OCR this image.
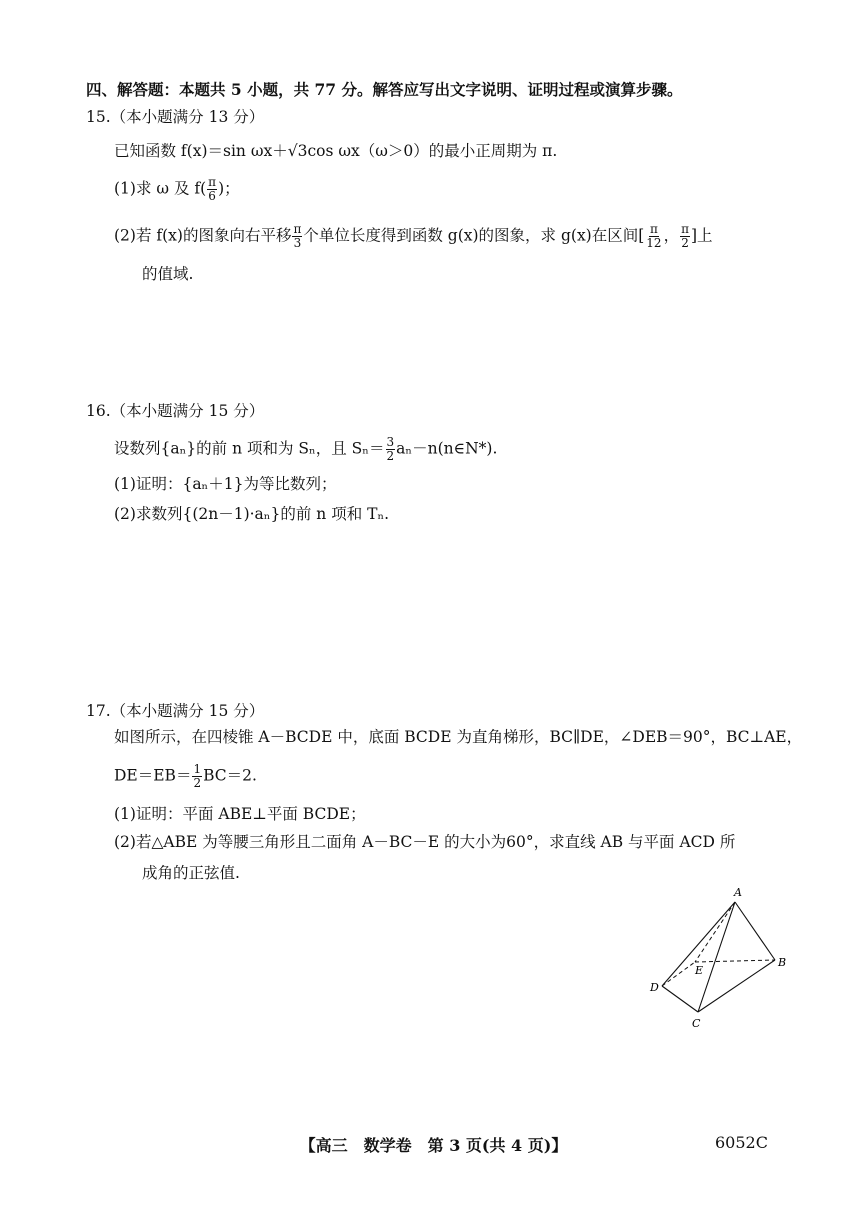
四、解答题：本题共 5 小题，共 77 分。解答应写出文字说明、证明过程或演算步骤。
15.（本小题满分 13 分）
已知函数 f(x)＝sin ωx＋√3cos ωx（ω＞0）的最小正周期为 π.
(1)求 ω 及 $f( \frac{\pi}{6}$ )；
(2)若 f(x)的图象向右平移 $\frac{\pi}{3}$ 个单位长度得到函数 g(x)的图象，求 g(x)在区间[ $\frac{\pi}{12}$ ， $\frac{\pi}{2}$ ]上
的值域.
16.（本小题满分 15 分）
设数列{aₙ}的前 n 项和为 Sₙ，且 $S_n= \frac{3}{2}$ aₙ－n(n∈N*).
(1)证明：{aₙ＋1}为等比数列；
(2)求数列{(2n－1)·aₙ}的前 n 项和 Tₙ.
17.（本小题满分 15 分）
如图所示，在四棱锥 A－BCDE 中，底面 BCDE 为直角梯形，BC∥DE，∠DEB＝90°，BC⊥AE，
$DE=EB= \frac{1}{2} BC=2$.
(1)证明：平面 ABE⊥平面 BCDE；
(2)若△ABE 为等腰三角形且二面角 A－BC－E 的大小为60°，求直线 AB 与平面 ACD 所
成角的正弦值.
A
B
C
D
E
【高三　数学卷　第 3 页(共 4 页)】	6052C
